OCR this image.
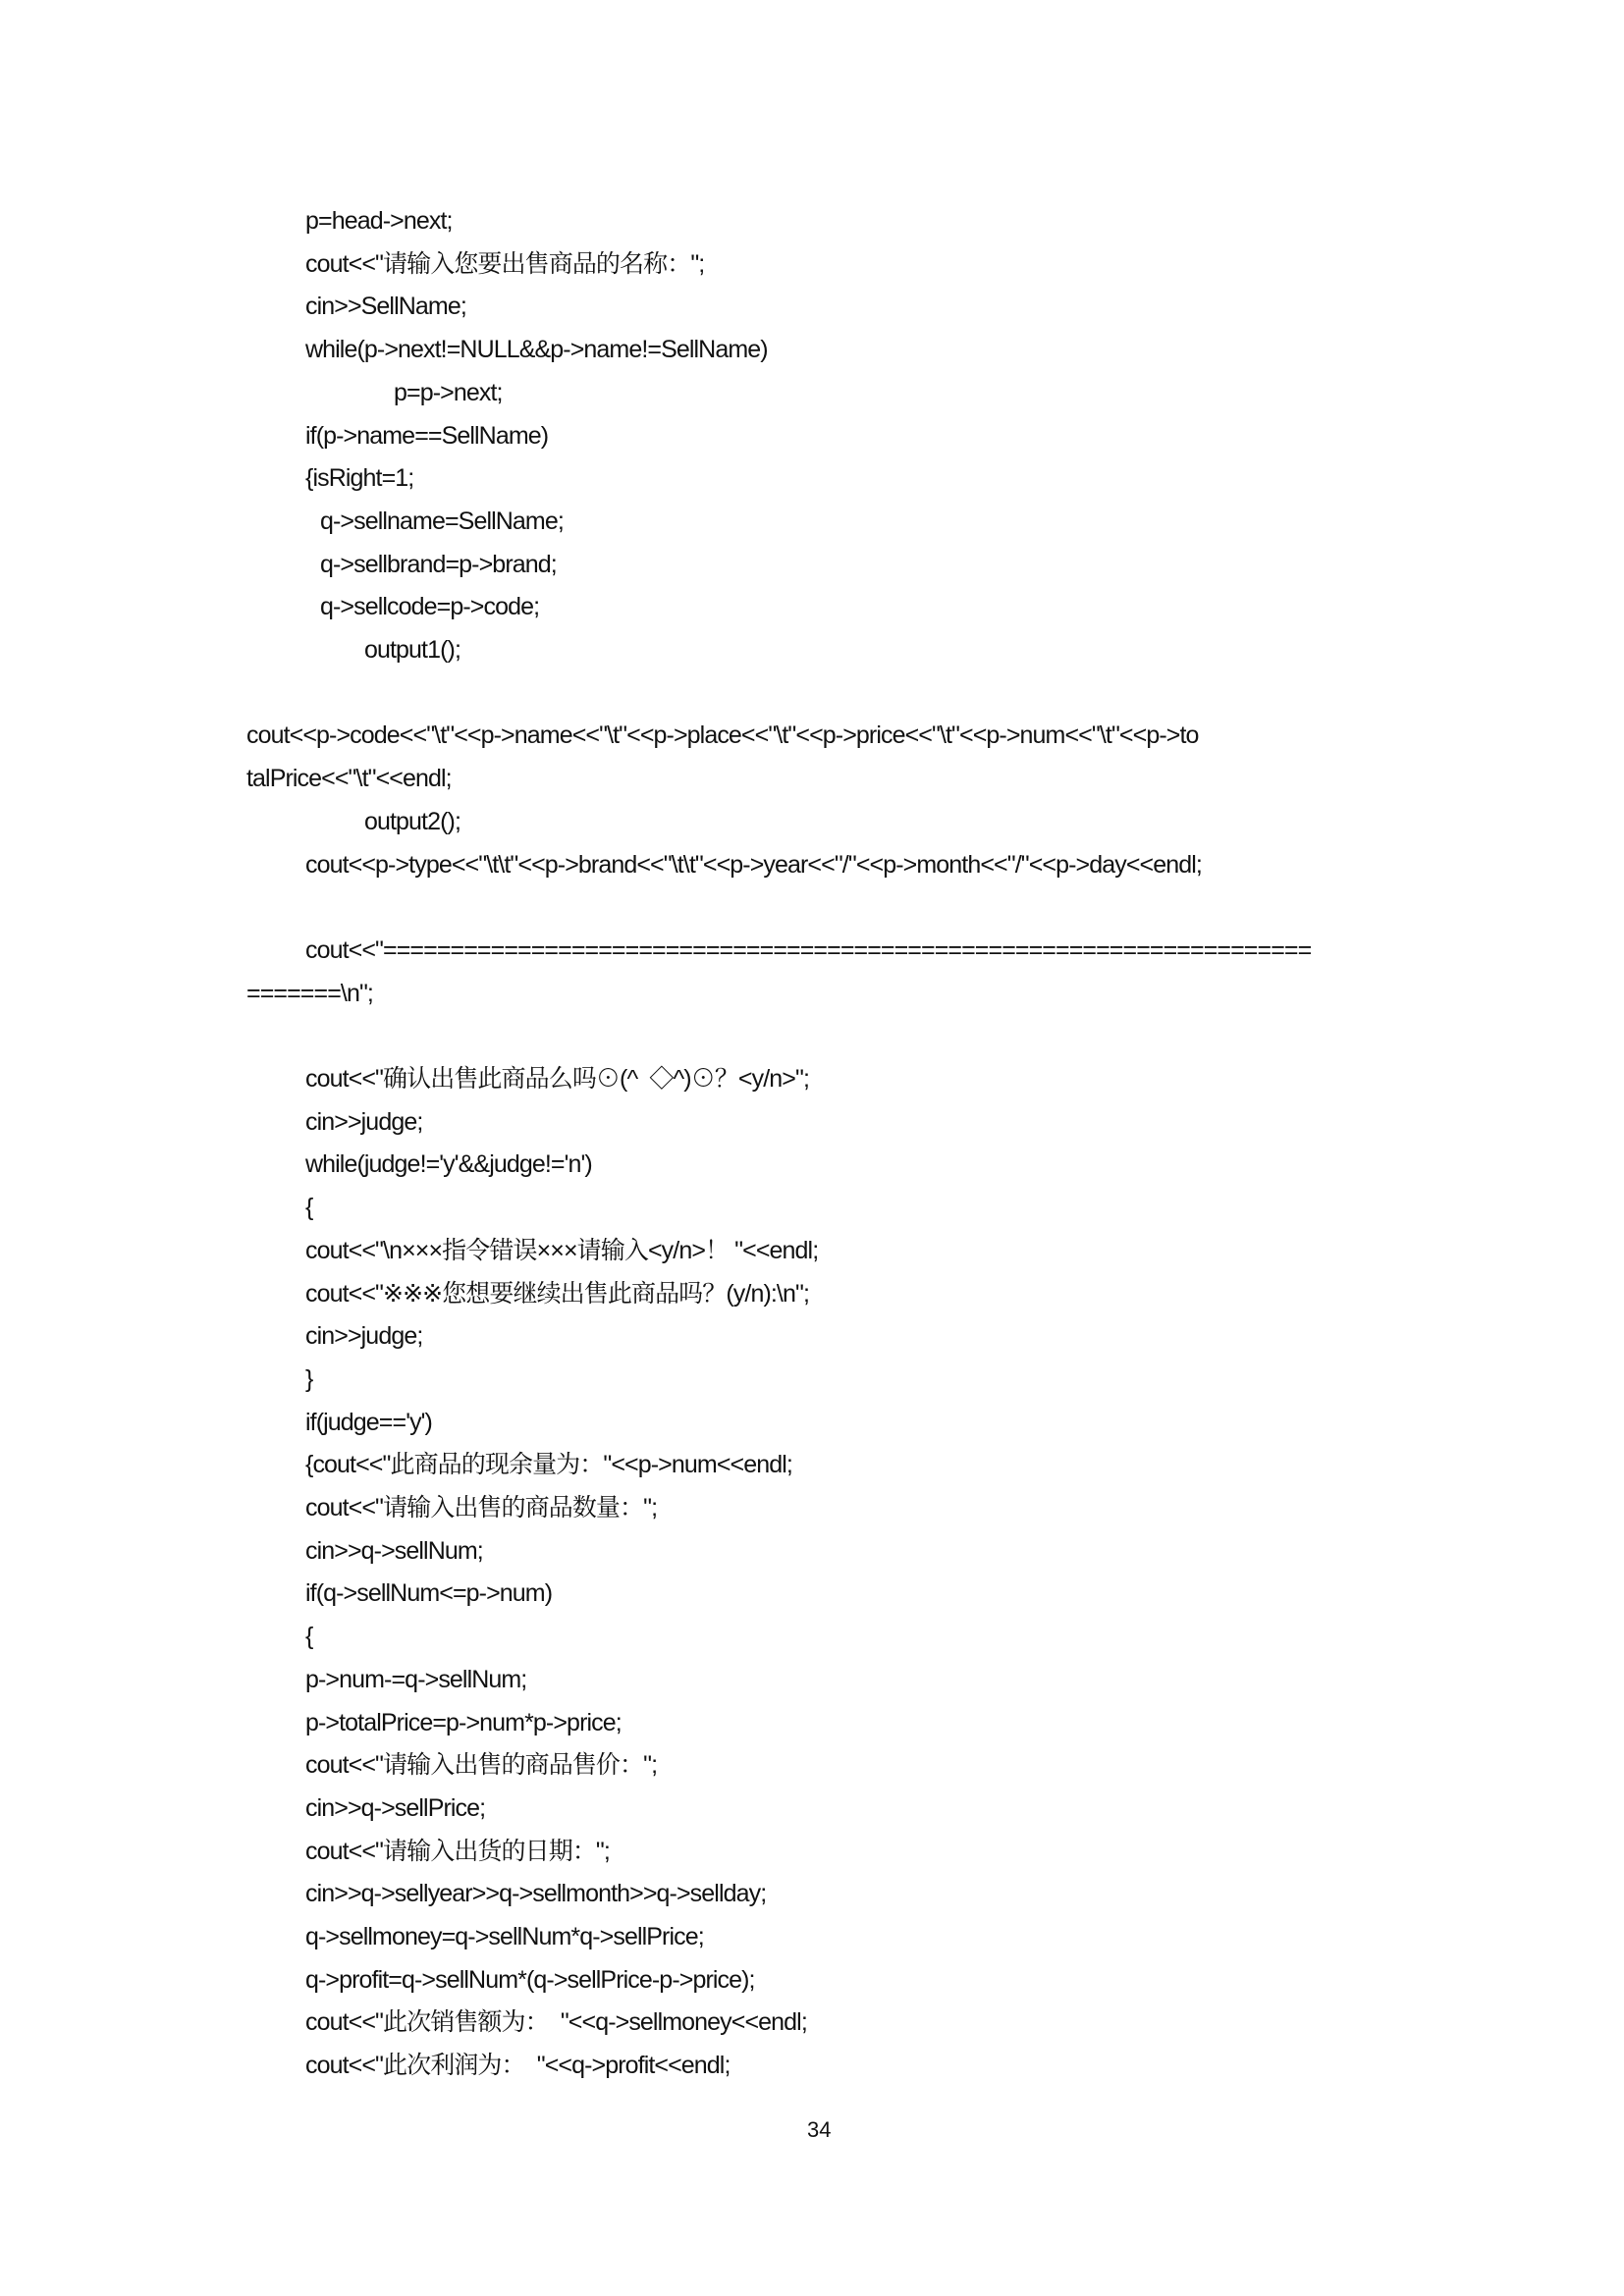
p=head->next;
cout<<"请输入您要出售商品的名称：";
cin>>SellName;
while(p->next!=NULL&&p->name!=SellName)
p=p->next;
if(p->name==SellName)
{isRight=1;
q->sellname=SellName;
q->sellbrand=p->brand;
q->sellcode=p->code;
output1();
cout<<p->code<<"\t"<<p->name<<"\t"<<p->place<<"\t"<<p->price<<"\t"<<p->num<<"\t"<<p->to
talPrice<<"\t"<<endl;
output2();
cout<<p->type<<"\t\t"<<p->brand<<"\t\t"<<p->year<<"/"<<p->month<<"/"<<p->day<<endl;
cout<<"=====================================================================
=======\n";
cout<<"确认出售此商品么吗⊙(^  ◇^)⊙？<y/n>";
cin>>judge;
while(judge!='y'&&judge!='n')
{
cout<<"\n×××指令错误×××请输入<y/n>！ "<<endl;
cout<<"※※※您想要继续出售此商品吗？(y/n):\n";
cin>>judge;
}
if(judge=='y')
{cout<<"此商品的现余量为："<<p->num<<endl;
cout<<"请输入出售的商品数量：";
cin>>q->sellNum;
if(q->sellNum<=p->num)
{
p->num-=q->sellNum;
p->totalPrice=p->num*p->price;
cout<<"请输入出售的商品售价：";
cin>>q->sellPrice;
cout<<"请输入出货的日期：";
cin>>q->sellyear>>q->sellmonth>>q->sellday;
q->sellmoney=q->sellNum*q->sellPrice;
q->profit=q->sellNum*(q->sellPrice-p->price);
cout<<"此次销售额为：  "<<q->sellmoney<<endl;
cout<<"此次利润为：  "<<q->profit<<endl;
34
